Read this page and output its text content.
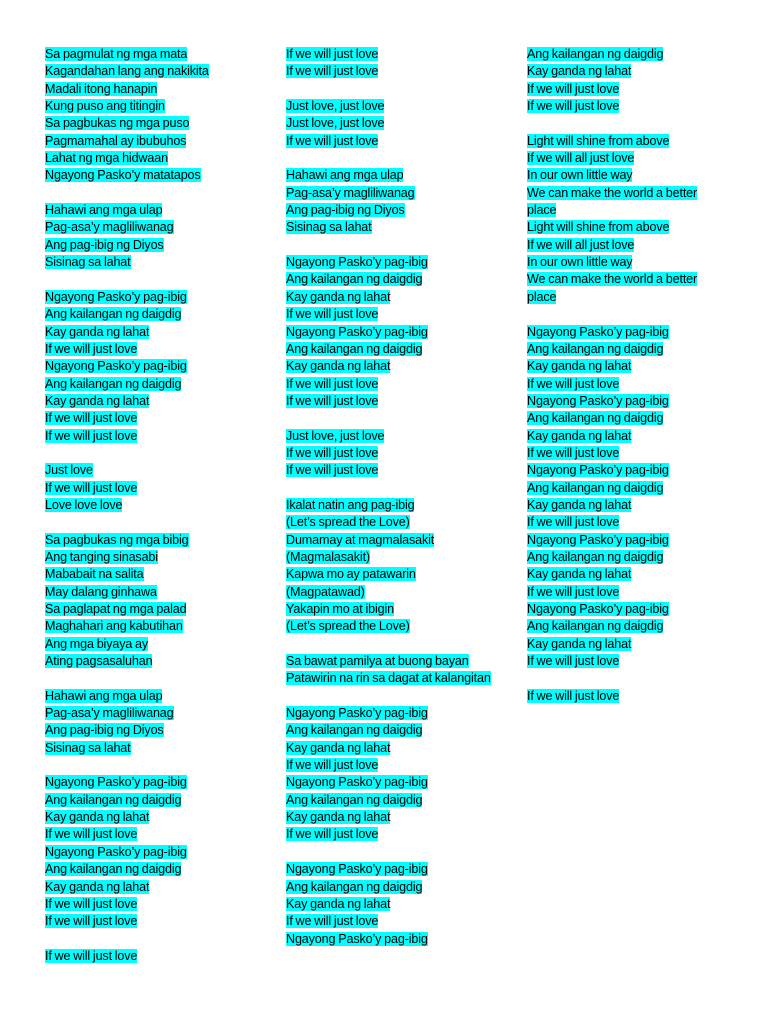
Sa pagmulat ng mga mata
Kagandahan lang ang nakikita
Madali itong hanapin
Kung puso ang titingin
Sa pagbukas ng mga puso
Pagmamahal ay ibubuhos
Lahat ng mga hidwaan
Ngayong Pasko’y matatapos
Hahawi ang mga ulap
Pag-asa’y magliliwanag
Ang pag-ibig ng Diyos
Sisinag sa lahat
Ngayong Pasko’y pag-ibig
Ang kailangan ng daigdig
Kay ganda ng lahat
If we will just love
Ngayong Pasko’y pag-ibig
Ang kailangan ng daigdig
Kay ganda ng lahat
If we will just love
If we will just love
Just love
If we will just love
Love love love
Sa pagbukas ng mga bibig
Ang tanging sinasabi
Mababait na salita
May dalang ginhawa
Sa paglapat ng mga palad
Maghahari ang kabutihan
Ang mga biyaya ay
Ating pagsasaluhan
Hahawi ang mga ulap
Pag-asa’y magliliwanag
Ang pag-ibig ng Diyos
Sisinag sa lahat
Ngayong Pasko’y pag-ibig
Ang kailangan ng daigdig
Kay ganda ng lahat
If we will just love
Ngayong Pasko’y pag-ibig
Ang kailangan ng daigdig
Kay ganda ng lahat
If we will just love
If we will just love
If we will just love
If we will just love
If we will just love
Just love, just love
Just love, just love
If we will just love
Hahawi ang mga ulap
Pag-asa’y magliliwanag
Ang pag-ibig ng Diyos
Sisinag sa lahat
Ngayong Pasko’y pag-ibig
Ang kailangan ng daigdig
Kay ganda ng lahat
If we will just love
Ngayong Pasko’y pag-ibig
Ang kailangan ng daigdig
Kay ganda ng lahat
If we will just love
If we will just love
Just love, just love
If we will just love
If we will just love
Ikalat natin ang pag-ibig
(Let’s spread the Love)
Dumamay at magmalasakit
(Magmalasakit)
Kapwa mo ay patawarin
(Magpatawad)
Yakapin mo at ibigin
(Let’s spread the Love)
Sa bawat pamilya at buong bayan
Patawirin na rin sa dagat at kalangitan
Ngayong Pasko’y pag-ibig
Ang kailangan ng daigdig
Kay ganda ng lahat
If we will just love
Ngayong Pasko’y pag-ibig
Ang kailangan ng daigdig
Kay ganda ng lahat
If we will just love
Ngayong Pasko’y pag-ibig
Ang kailangan ng daigdig
Kay ganda ng lahat
If we will just love
Ngayong Pasko’y pag-ibig
Ang kailangan ng daigdig
Kay ganda ng lahat
If we will just love
If we will just love
Light will shine from above
If we will all just love
In our own little way
We can make the world a better place
Light will shine from above
If we will all just love
In our own little way
We can make the world a better place
Ngayong Pasko’y pag-ibig
Ang kailangan ng daigdig
Kay ganda ng lahat
If we will just love
Ngayong Pasko’y pag-ibig
Ang kailangan ng daigdig
Kay ganda ng lahat
If we will just love
Ngayong Pasko’y pag-ibig
Ang kailangan ng daigdig
Kay ganda ng lahat
If we will just love
Ngayong Pasko’y pag-ibig
Ang kailangan ng daigdig
Kay ganda ng lahat
If we will just love
Ngayong Pasko’y pag-ibig
Ang kailangan ng daigdig
Kay ganda ng lahat
If we will just love
If we will just love
